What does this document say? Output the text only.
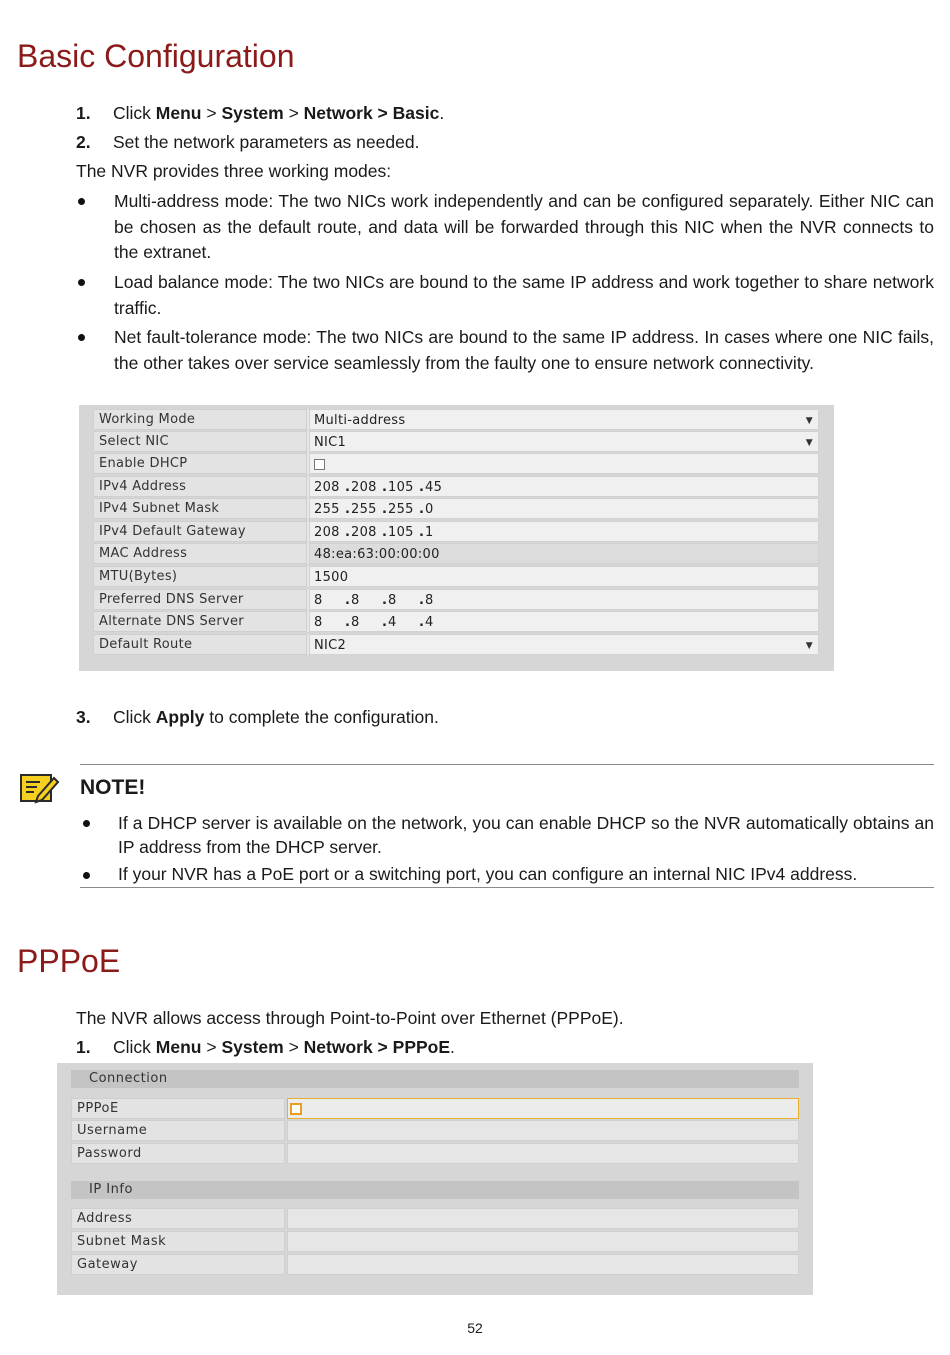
Basic Configuration
1. Click Menu > System > Network > Basic.
2. Set the network parameters as needed.
The NVR provides three working modes:
Multi-address mode: The two NICs work independently and can be configured separately. Either NIC can be chosen as the default route, and data will be forwarded through this NIC when the NVR connects to the extranet.
Load balance mode: The two NICs are bound to the same IP address and work together to share network traffic.
Net fault-tolerance mode: The two NICs are bound to the same IP address. In cases where one NIC fails, the other takes over service seamlessly from the faulty one to ensure network connectivity.
Working Mode	Multi-address	▼
Select NIC	NIC1	▼
Enable DHCP
IPv4 Address	208 .208 .105 .45
IPv4 Subnet Mask	255 .255 .255 .0
IPv4 Default Gateway	208 .208 .105 .1
MAC Address	48:ea:63:00:00:00
MTU(Bytes)	1500
Preferred DNS Server	8 .8 .8 .8
Alternate DNS Server	8 .8 .4 .4
Default Route	NIC2	▼
3. Click Apply to complete the configuration.
NOTE!
If a DHCP server is available on the network, you can enable DHCP so the NVR automatically obtains an IP address from the DHCP server.
If your NVR has a PoE port or a switching port, you can configure an internal NIC IPv4 address.
PPPoE
The NVR allows access through Point-to-Point over Ethernet (PPPoE).
1. Click Menu > System > Network > PPPoE.
Connection
PPPoE
Username
Password
IP Info
Address
Subnet Mask
Gateway
52
